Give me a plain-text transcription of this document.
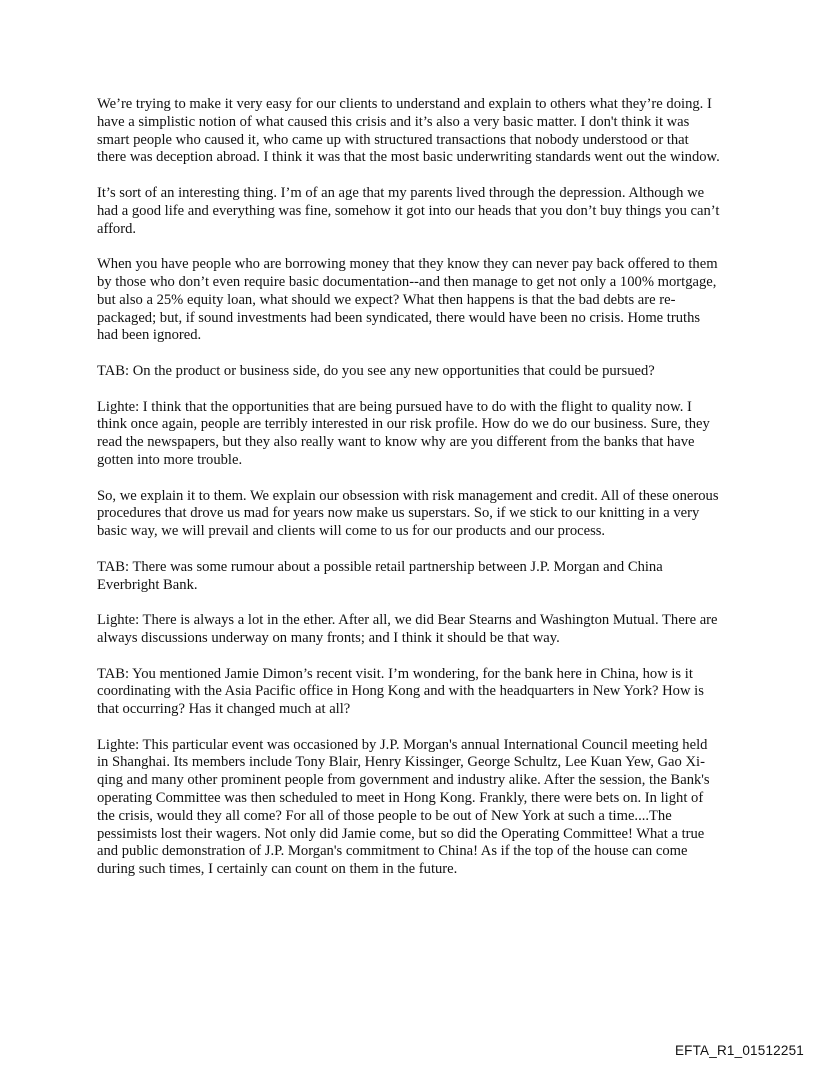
We’re trying to make it very easy for our clients to understand and explain to others what they’re doing. I have a simplistic notion of what caused this crisis and it’s also a very basic matter. I don't think it was smart people who caused it, who came up with structured transactions that nobody understood or that there was deception abroad. I think it was that the most basic underwriting standards went out the window.

It’s sort of an interesting thing. I’m of an age that my parents lived through the depression. Although we had a good life and everything was fine, somehow it got into our heads that you don’t buy things you can’t afford.

When you have people who are borrowing money that they know they can never pay back offered to them by those who don’t even require basic documentation--and then manage to get not only a 100% mortgage, but also a 25% equity loan, what should we expect? What then happens is that the bad debts are re-packaged; but, if sound investments had been syndicated, there would have been no crisis. Home truths had been ignored.

TAB: On the product or business side, do you see any new opportunities that could be pursued?

Lighte: I think that the opportunities that are being pursued have to do with the flight to quality now. I think once again, people are terribly interested in our risk profile. How do we do our business. Sure, they read the newspapers, but they also really want to know why are you different from the banks that have gotten into more trouble.

So, we explain it to them. We explain our obsession with risk management and credit. All of these onerous procedures that drove us mad for years now make us superstars. So, if we stick to our knitting in a very basic way, we will prevail and clients will come to us for our products and our process.

TAB: There was some rumour about a possible retail partnership between J.P. Morgan and China Everbright Bank.

Lighte: There is always a lot in the ether. After all, we did Bear Stearns and Washington Mutual. There are always discussions underway on many fronts; and I think it should be that way.

TAB: You mentioned Jamie Dimon’s recent visit. I’m wondering, for the bank here in China, how is it coordinating with the Asia Pacific office in Hong Kong and with the headquarters in New York? How is that occurring? Has it changed much at all?

Lighte: This particular event was occasioned by J.P. Morgan's annual International Council meeting held in Shanghai. Its members include Tony Blair, Henry Kissinger, George Schultz, Lee Kuan Yew, Gao Xi-qing and many other prominent people from government and industry alike. After the session, the Bank's operating Committee was then scheduled to meet in Hong Kong. Frankly, there were bets on. In light of the crisis, would they all come? For all of those people to be out of New York at such a time....The pessimists lost their wagers. Not only did Jamie come, but so did the Operating Committee! What a true and public demonstration of J.P. Morgan's commitment to China! As if the top of the house can come during such times, I certainly can count on them in the future.

EFTA_R1_01512251
